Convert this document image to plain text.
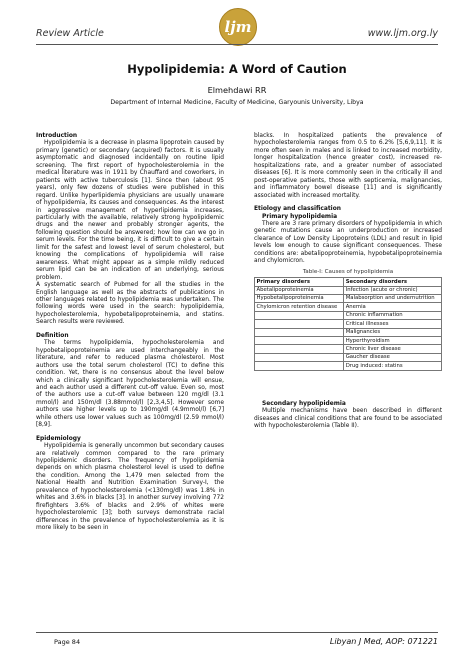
Review Article	ljm	www.ljm.org.ly
Hypolipidemia: A Word of Caution
Elmehdawi RR
Department of Internal Medicine, Faculty of Medicine, Garyounis University, Libya

Introduction

Hypolipidemia is a decrease in plasma lipoprotein caused by primary (genetic) or secondary (acquired) factors. It is usually asymptomatic and diagnosed incidentally on routine lipid screening. The first report of hypocholesterolemia in the medical literature was in 1911 by Chauffard and coworkers, in patients with active tuberculosis [1]. Since then (about 95 years), only few dozens of studies were published in this regard. Unlike hyperlipidemia physicians are usually unaware of hypolipidemia, its causes and consequences. As the interest in aggressive management of hyperlipidemia increases, particularly with the available, relatively strong hypolipidemic drugs and the newer and probably stronger agents, the following question should be answered; how low can we go in serum levels. For the time being, it is difficult to give a certain limit for the safest and lowest level of serum cholesterol, but knowing the complications of hypolipidemia will raise awareness. What might appear as a simple mildly reduced serum lipid can be an indication of an underlying, serious problem.

A systematic search of Pubmed for all the studies in the English language as well as the abstracts of publications in other languages related to hypolipidemia was undertaken. The following words were used in the search: hypolipidemia, hypocholesterolemia, hypobetalipoproteinemia, and statins. Search results were reviewed.

Definition

The terms hypolipidemia, hypocholesterolemia and hypobetalipoproteinemia are used interchangeably in the literature, and refer to reduced plasma cholesterol. Most authors use the total serum cholesterol (TC) to define this condition. Yet, there is no consensus about the level below which a clinically significant hypocholesterolemia will ensue, and each author used a different cut-off value. Even so, most of the authors use a cut-off value between 120 mg/dl (3.1 mmol/l) and 150m/dl (3.88mmol/l) [2,3,4,5]. However some authors use higher levels up to 190mg/dl (4.9mmol/l) [6,7] while others use lower values such as 100mg/dl (2.59 mmol/l) [8,9].

Epidemiology

Hypolipidemia is generally uncommon but secondary causes are relatively common compared to the rare primary hypolipidemic disorders. The frequency of hypolipidemia depends on which plasma cholesterol level is used to define the condition. Among the 1,479 men selected from the National Health and Nutrition Examination Survey-I, the prevalence of hypocholesterolemia (<130mg/dl) was 1.8% in whites and 3.6% in blacks [3]. In another survey involving 772 firefighters 3.6% of blacks and 2.9% of whites were hypocholesterolemic [3]; both surveys demonstrate racial differences in the prevalence of hypocholesterolemia as it is more likely to be seen in

blacks. In hospitalized patients the prevalence of hypocholesterolemia ranges from 0.5 to 6.2% [5,6,9,11]. It is more often seen in males and is linked to increased morbidity, longer hospitalization (hence greater cost), increased re-hospitalizations rate, and a greater number of associated diseases [6]. It is more commonly seen in the critically ill and post-operative patients, those with septicemia, malignancies, and inflammatory bowel disease [11] and is significantly associated with increased mortality.

Etiology and classification

Primary hypolipidemia

There are 3 rare primary disorders of hypolipidemia in which genetic mutations cause an underproduction or increased clearance of Low Density Lipoproteins (LDL) and result in lipid levels low enough to cause significant consequences. These conditions are: abetalipoproteinemia, hypobetalipoproteinemia and chylomicron.

Table-I: Causes of hypolipidemia
Primary disorders	Secondary disorders
Abetalipoproteinemia	Infection (acute or chronic)
Hypobetalipoproteinemia	Malabsorption and undernutrition
Chylomicron retention disease	Anemia
	Chronic inflammation
	Critical illnesses
	Malignancies
	Hyperthyroidism
	Chronic liver disease
	Gaucher disease
	Drug induced: statins

Secondary hypolipidemia

Multiple mechanisms have been described in different diseases and clinical conditions that are found to be associated with hypocholesterolemia (Table II).

Page 84	Libyan J Med, AOP: 071221
